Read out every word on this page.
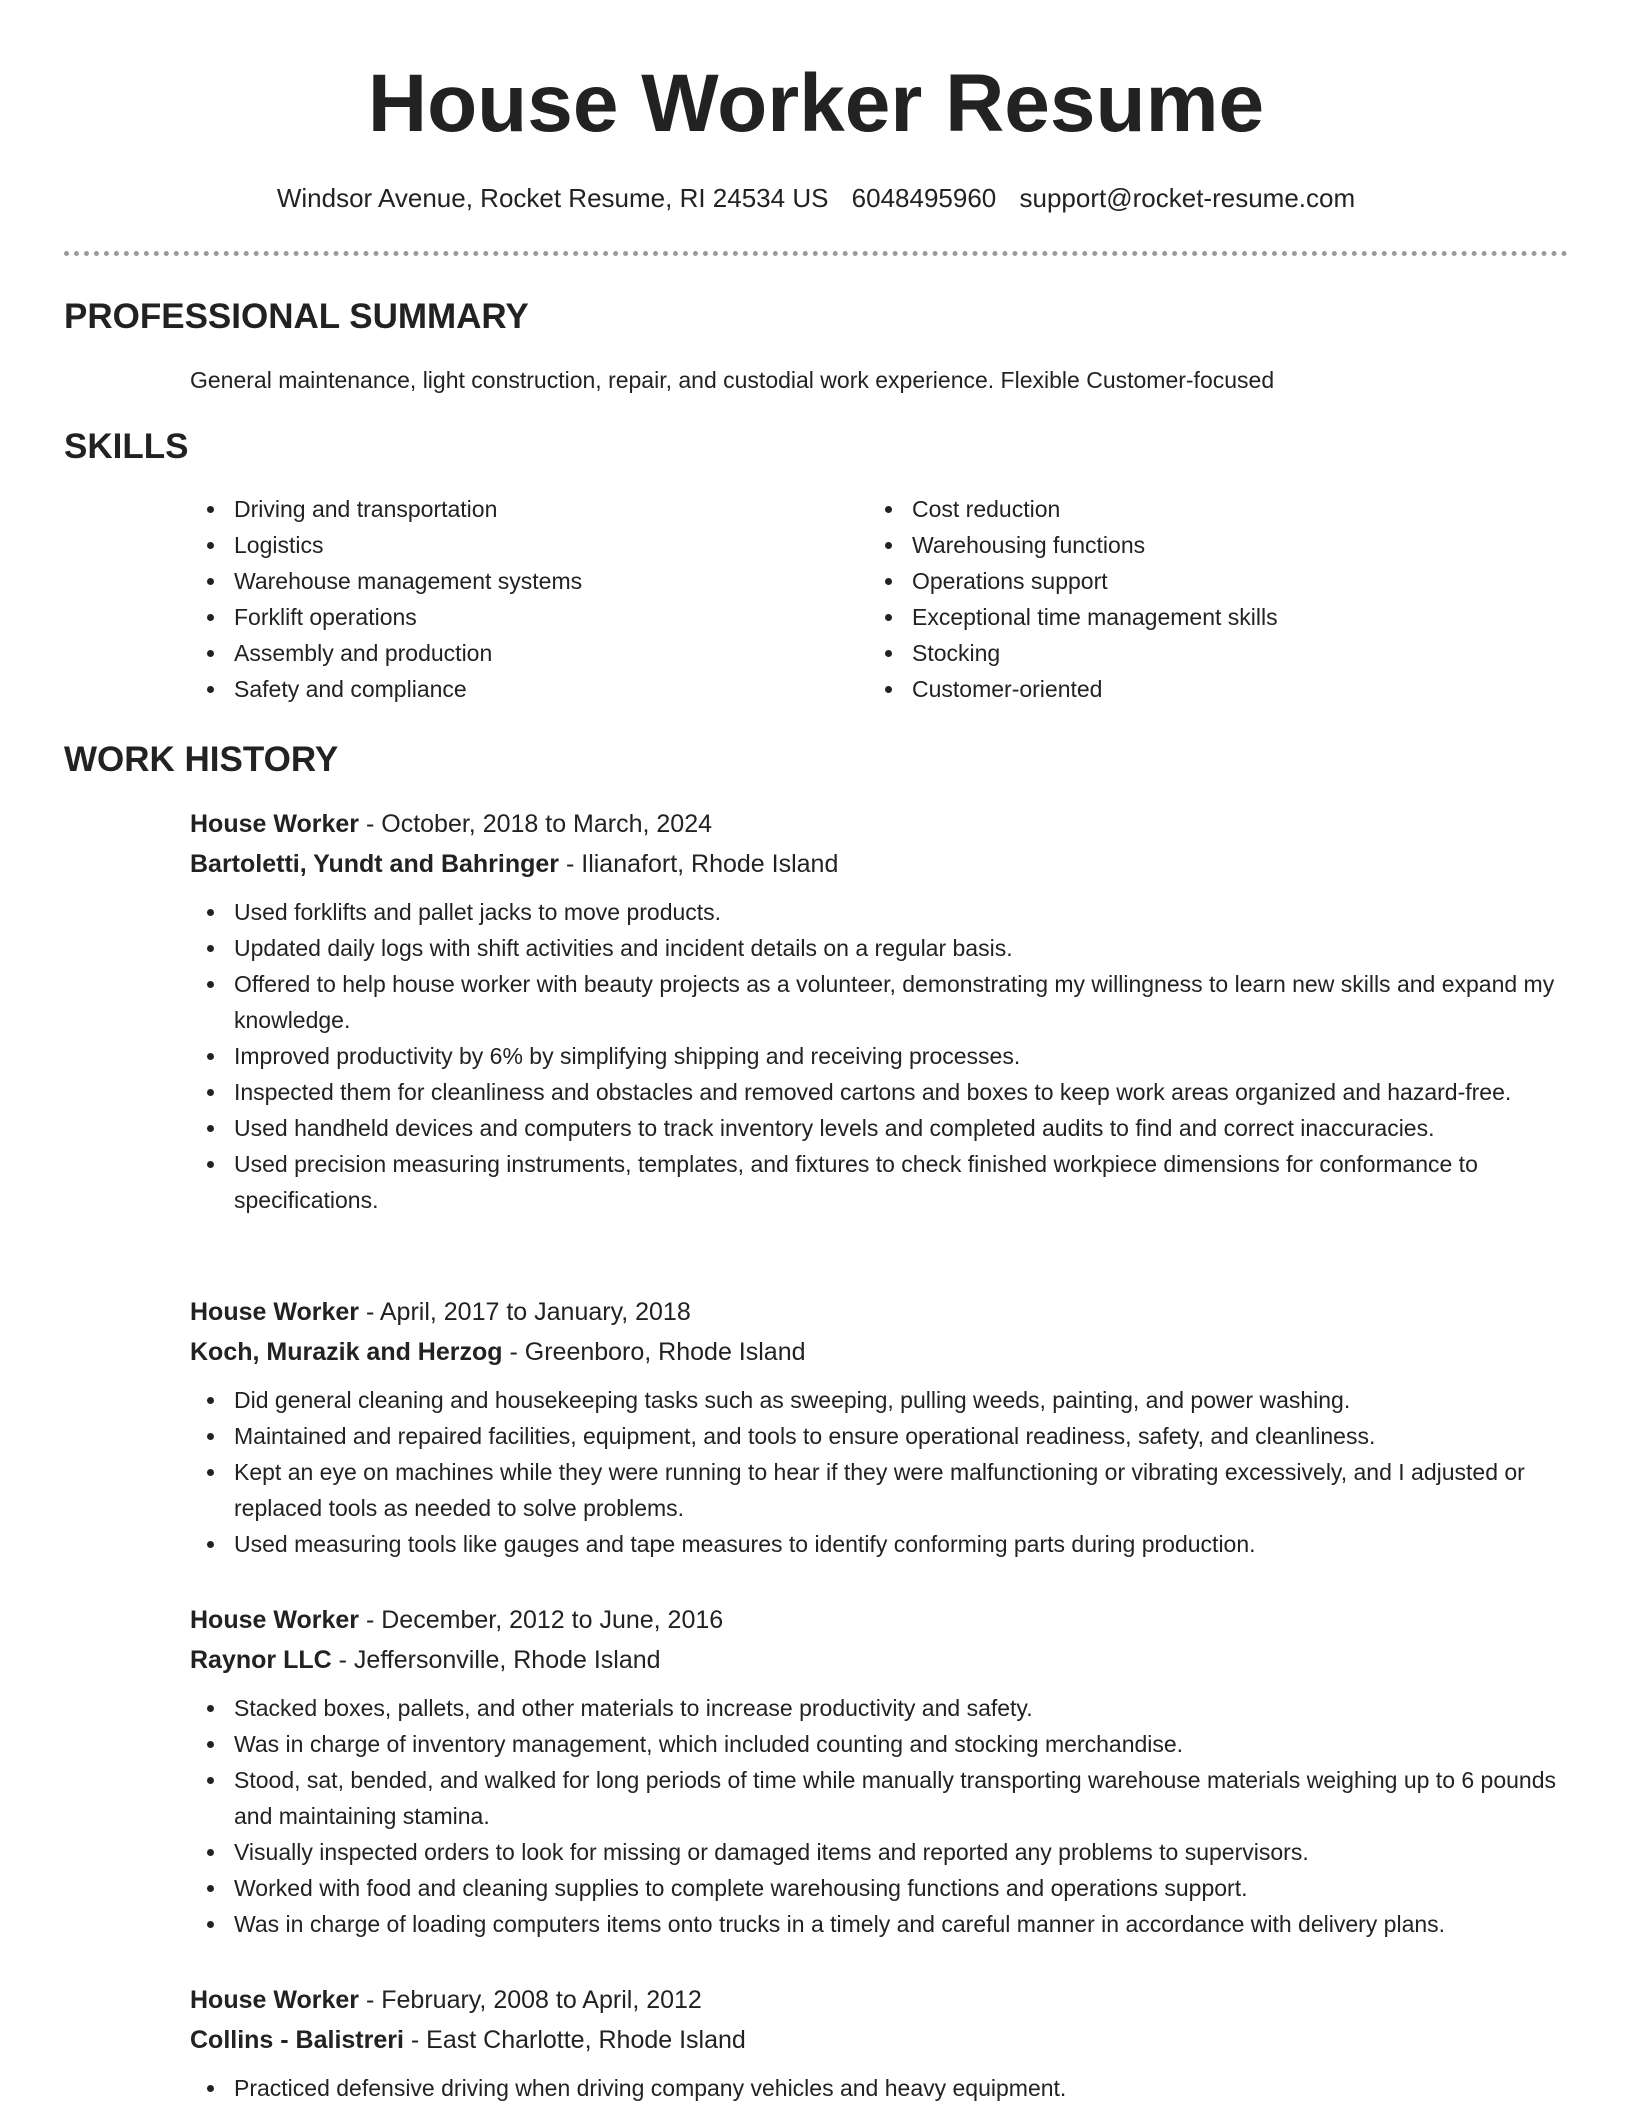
House Worker Resume
Windsor Avenue, Rocket Resume, RI 24534 US 6048495960 support@rocket-resume.com
PROFESSIONAL SUMMARY

General maintenance, light construction, repair, and custodial work experience. Flexible Customer-focused

SKILLS
Driving and transportation
Logistics
Warehouse management systems
Forklift operations
Assembly and production
Safety and compliance
Cost reduction
Warehousing functions
Operations support
Exceptional time management skills
Stocking
Customer-oriented
WORK HISTORY
House Worker - October, 2018 to March, 2024
Bartoletti, Yundt and Bahringer - Ilianafort, Rhode Island
Used forklifts and pallet jacks to move products.
Updated daily logs with shift activities and incident details on a regular basis.
Offered to help house worker with beauty projects as a volunteer, demonstrating my willingness to learn new skills and expand my knowledge.
Improved productivity by 6% by simplifying shipping and receiving processes.
Inspected them for cleanliness and obstacles and removed cartons and boxes to keep work areas organized and hazard-free.
Used handheld devices and computers to track inventory levels and completed audits to find and correct inaccuracies.
Used precision measuring instruments, templates, and fixtures to check finished workpiece dimensions for conformance to specifications.
House Worker - April, 2017 to January, 2018
Koch, Murazik and Herzog - Greenboro, Rhode Island
Did general cleaning and housekeeping tasks such as sweeping, pulling weeds, painting, and power washing.
Maintained and repaired facilities, equipment, and tools to ensure operational readiness, safety, and cleanliness.
Kept an eye on machines while they were running to hear if they were malfunctioning or vibrating excessively, and I adjusted or replaced tools as needed to solve problems.
Used measuring tools like gauges and tape measures to identify conforming parts during production.
House Worker - December, 2012 to June, 2016
Raynor LLC - Jeffersonville, Rhode Island
Stacked boxes, pallets, and other materials to increase productivity and safety.
Was in charge of inventory management, which included counting and stocking merchandise.
Stood, sat, bended, and walked for long periods of time while manually transporting warehouse materials weighing up to 6 pounds and maintaining stamina.
Visually inspected orders to look for missing or damaged items and reported any problems to supervisors.
Worked with food and cleaning supplies to complete warehousing functions and operations support.
Was in charge of loading computers items onto trucks in a timely and careful manner in accordance with delivery plans.
House Worker - February, 2008 to April, 2012
Collins - Balistreri - East Charlotte, Rhode Island
Practiced defensive driving when driving company vehicles and heavy equipment.
